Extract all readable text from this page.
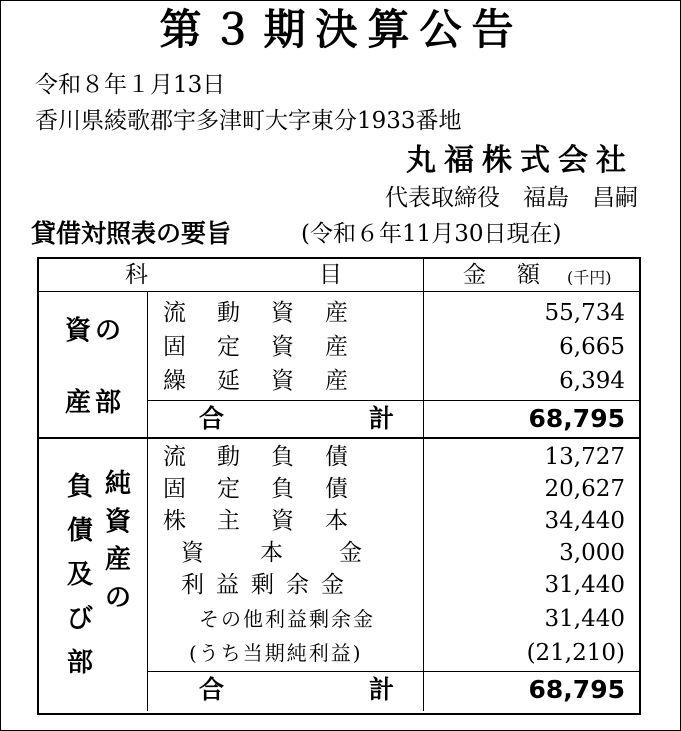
第３期決算公告
令和８年１月13日
香川県綾歌郡宇多津町大字東分1933番地
丸福株式会社
代表取締役　福島　昌嗣
貸借対照表の要旨	(令和６年11月30日現在)
科	目	金　額 (千円)
資の
産部
流動資産	55,734
固定資産	6,665
繰延資産	6,394
合	計	68,795
負債及び部
純資産の
流動負債	13,727
固定負債	20,627
株主資本	34,440
資本金	3,000
利益剰余金	31,440
その他利益剰余金	31,440
(うち当期純利益)	(21,210)
合	計	68,795
